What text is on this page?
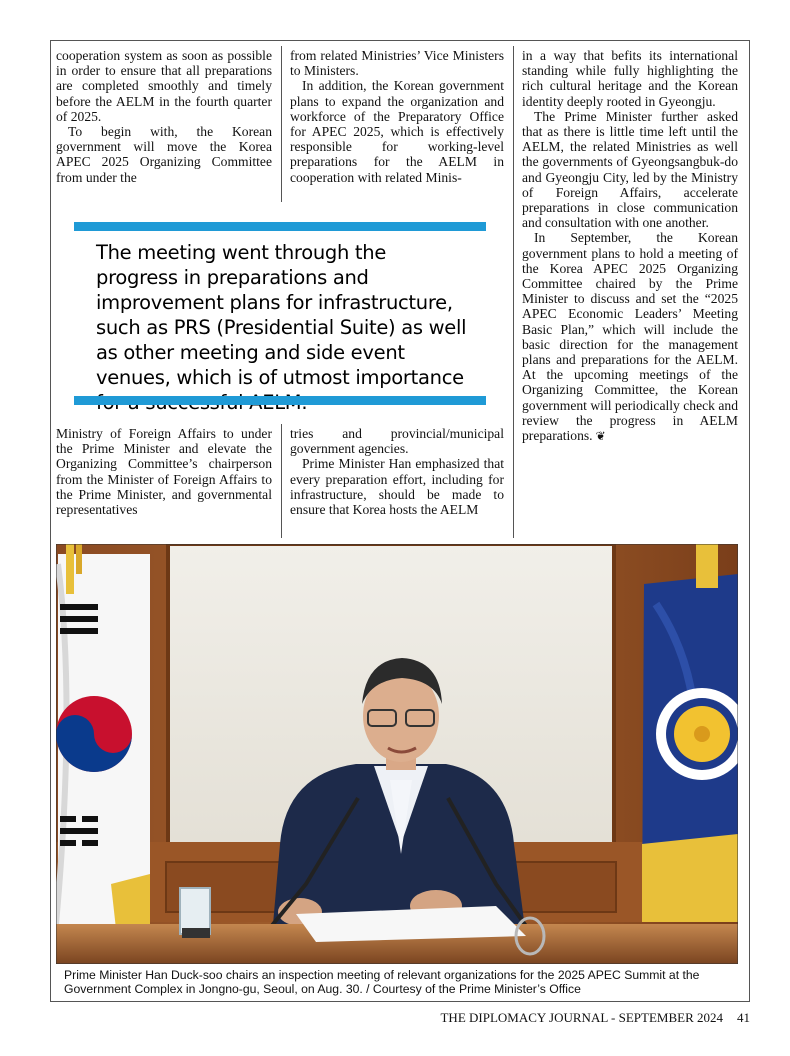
cooperation system as soon as possible in order to ensure that all preparations are completed smoothly and timely before the AELM in the fourth quarter of 2025.

To begin with, the Korean government will move the Korea APEC 2025 Organizing Committee from under the

from related Ministries’ Vice Ministers to Ministers.

In addition, the Korean government plans to expand the organization and workforce of the Preparatory Office for APEC 2025, which is effectively responsible for working-level preparations for the AELM in cooperation with related Minis-

in a way that befits its international standing while fully highlighting the rich cultural heritage and the Korean identity deeply rooted in Gyeongju.

The Prime Minister further asked that as there is little time left until the AELM, the related Ministries as well the governments of Gyeongsangbuk-do and Gyeongju City, led by the Ministry of Foreign Affairs, accelerate preparations in close communication and consultation with one another.

In September, the Korean government plans to hold a meeting of the Korea APEC 2025 Organizing Committee chaired by the Prime Minister to discuss and set the “2025 APEC Economic Leaders’ Meeting Basic Plan,” which will include the basic direction for the management plans and preparations for the AELM. At the upcoming meetings of the Organizing Committee, the Korean government will periodically check and review the progress in AELM preparations. ❦

Ministry of Foreign Affairs to under the Prime Minister and elevate the Organizing Committee’s chairperson from the Minister of Foreign Affairs to the Prime Minister, and governmental representatives

tries and provincial/municipal government agencies.

Prime Minister Han emphasized that every preparation effort, including for infrastructure, should be made to ensure that Korea hosts the AELM

The meeting went through the progress in preparations and improvement plans for infrastructure, such as PRS (Presidential Suite) as well as other meeting and side event venues, which is of utmost importance
Prime Minister Han Duck-soo chairs an inspection meeting of relevant organizations for the 2025 APEC Summit at the Government Complex in Jongno-gu, Seoul, on Aug. 30. / Courtesy of the Prime Minister’s Office
THE DIPLOMACY JOURNAL - SEPTEMBER 2024 41
